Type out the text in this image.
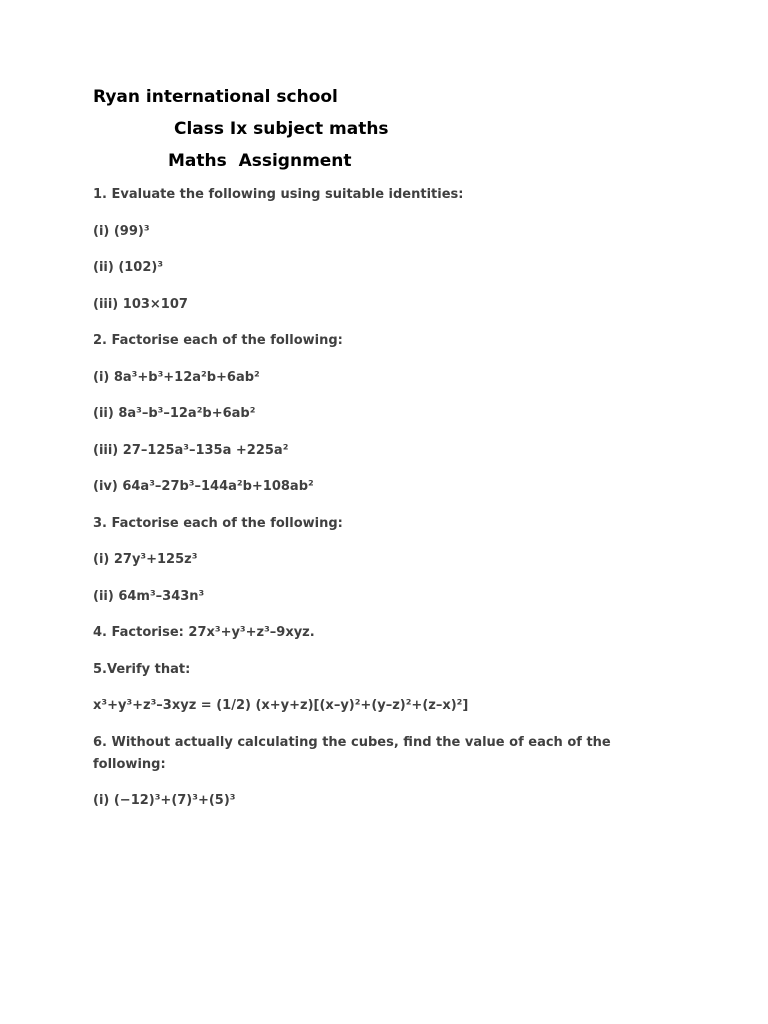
Ryan international school
Class Ix subject maths
Maths  Assignment

1. Evaluate the following using suitable identities:

(i) (99)³

(ii) (102)³

(iii) 103×107

2. Factorise each of the following:

(i) 8a³+b³+12a²b+6ab²

(ii) 8a³–b³–12a²b+6ab²

(iii) 27–125a³–135a +225a²

(iv) 64a³–27b³–144a²b+108ab²

3. Factorise each of the following:

(i) 27y³+125z³

(ii) 64m³–343n³

4. Factorise: 27x³+y³+z³–9xyz.

5.Verify that:

x³+y³+z³–3xyz = (1/2) (x+y+z)[(x–y)²+(y–z)²+(z–x)²]

6. Without actually calculating the cubes, find the value of each of the following:

(i) (−12)³+(7)³+(5)³
